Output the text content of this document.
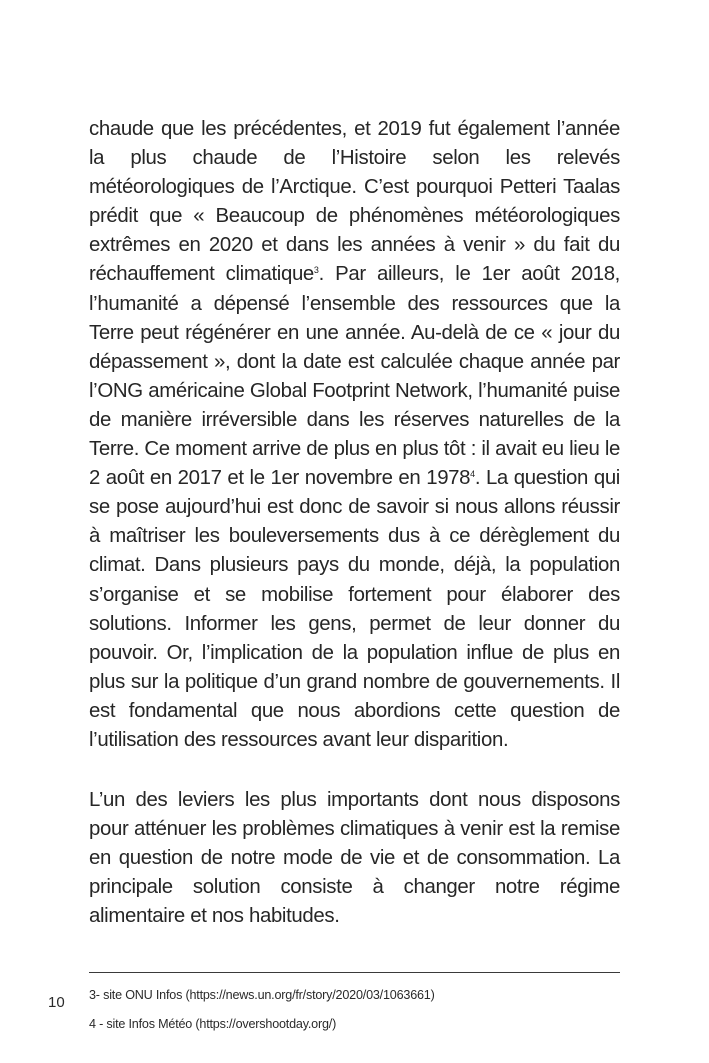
chaude que les précédentes, et 2019 fut également l’année la plus chaude de l’Histoire selon les relevés météorologiques de l’Arctique. C’est pourquoi Petteri Taalas prédit que « Beaucoup de phénomènes météorologiques extrêmes en 2020 et dans les années à venir » du fait du réchauffement climatique$^3$. Par ailleurs, le 1er août 2018, l’humanité a dépensé l’ensemble des ressources que la Terre peut régénérer en une année. Au-delà de ce « jour du dépassement », dont la date est calculée chaque année par l’ONG américaine Global Footprint Network, l’humanité puise de manière irréversible dans les réserves naturelles de la Terre. Ce moment arrive de plus en plus tôt : il avait eu lieu le 2 août en 2017 et le 1er novembre en 1978$^4$. La question qui se pose aujourd’hui est donc de savoir si nous allons réussir à maîtriser les bouleversements dus à ce dérèglement du climat. Dans plusieurs pays du monde, déjà, la population s’organise et se mobilise fortement pour élaborer des solutions. Informer les gens, permet de leur donner du pouvoir. Or, l’implication de la population influe de plus en plus sur la politique d’un grand nombre de gouvernements. Il est fondamental que nous abordions cette question de l’utilisation des ressources avant leur disparition.

L’un des leviers les plus importants dont nous disposons pour atténuer les problèmes climatiques à venir est la remise en question de notre mode de vie et de consommation. La principale solution consiste à changer notre régime alimentaire et nos habitudes.

10 3- site ONU Infos (https://news.un.org/fr/story/2020/03/1063661)
4 - site Infos Météo (https://overshootday.org/)
